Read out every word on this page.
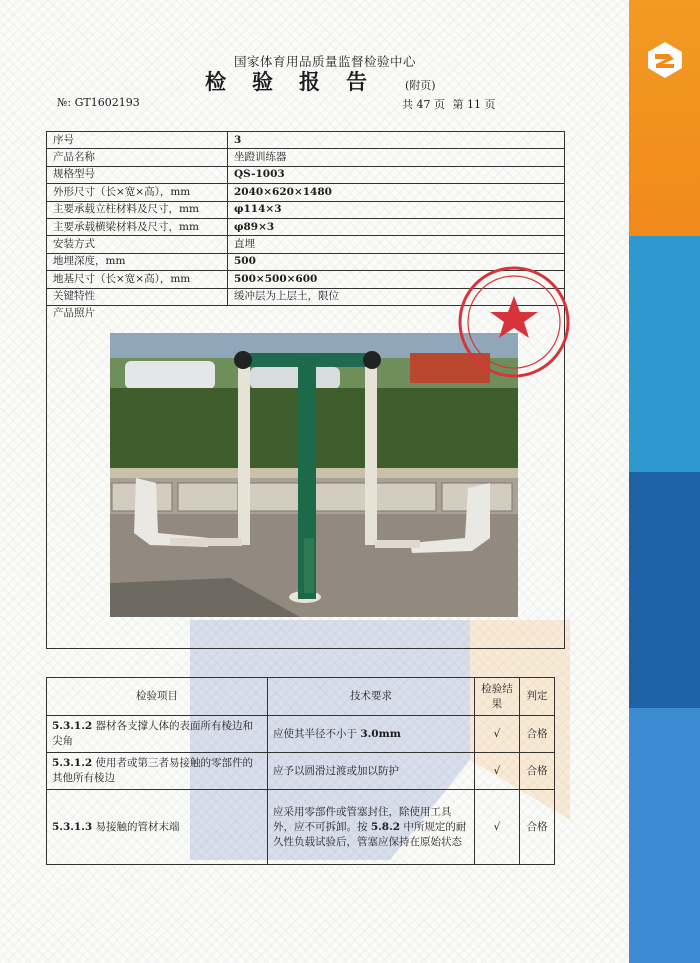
国家体育用品质量监督检验中心
检验报告 (附页)
№: GT1602193	共 47 页 第 11 页
序号	3
产品名称	坐蹬训练器
规格型号	QS-1003
外形尺寸（长×宽×高），mm	2040×620×1480
主要承载立柱材料及尺寸，mm	φ114×3
主要承载横梁材料及尺寸，mm	φ89×3
安装方式	直埋
地埋深度，mm	500
地基尺寸（长×宽×高），mm	500×500×600
关键特性	缓冲层为上层土，限位
产品照片	
检验项目	技术要求	检验结果	判定
5.3.1.2 器材各支撑人体的表面所有棱边和尖角	应使其半径不小于 3.0mm	√	合格
5.3.1.2 使用者或第三者易接触的零部件的其他所有棱边	应予以圆滑过渡或加以防护	√	合格
5.3.1.3 易接触的管材末端	应采用零部件或管塞封住，除使用工具外，应不可拆卸。按 5.8.2 中所规定的耐久性负载试验后，管塞应保持在原始状态	√	合格
